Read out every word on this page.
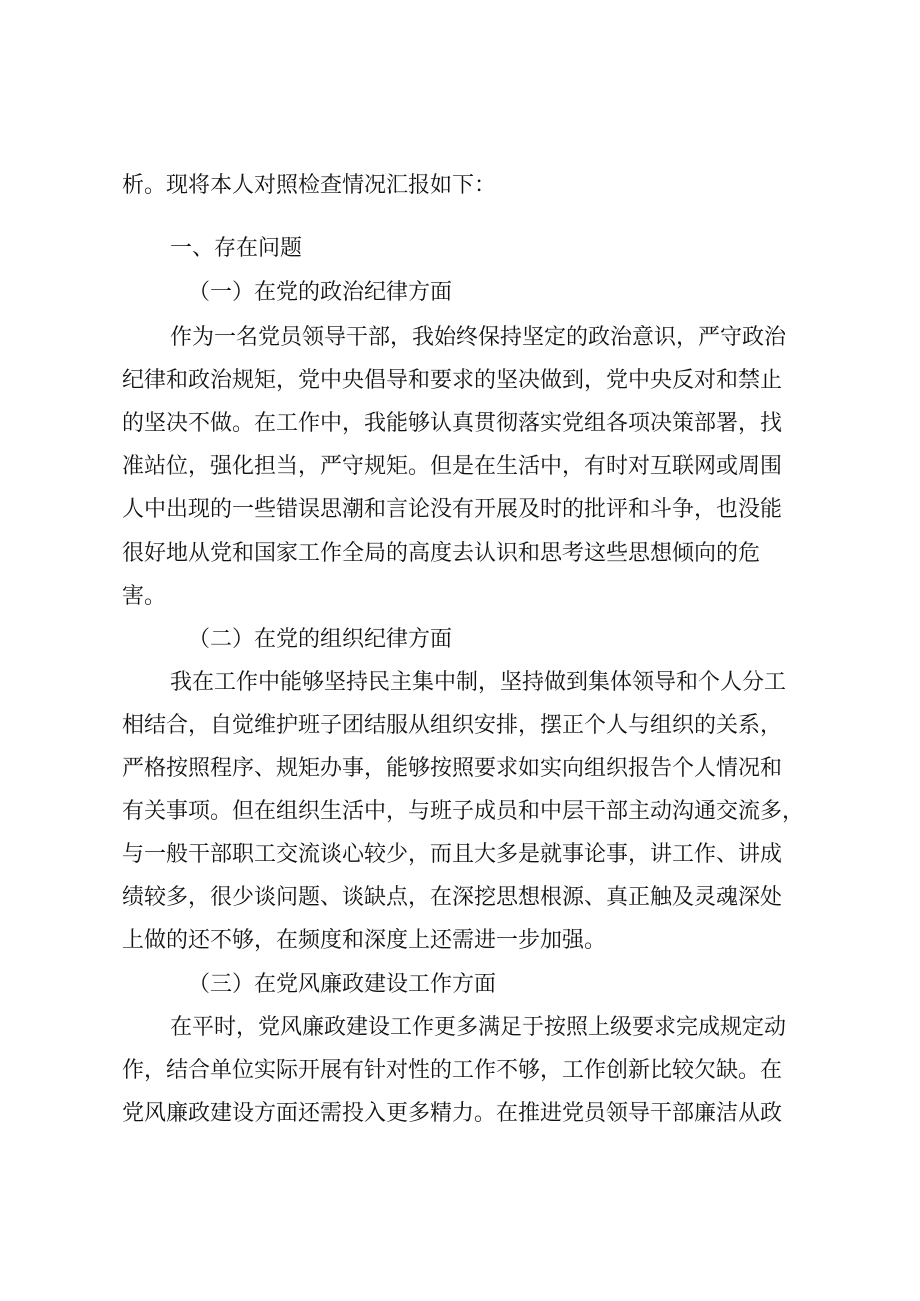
析。现将本人对照检查情况汇报如下：
一、存在问题
（一）在党的政治纪律方面
作为一名党员领导干部，我始终保持坚定的政治意识，严守政治
纪律和政治规矩，党中央倡导和要求的坚决做到，党中央反对和禁止
的坚决不做。在工作中，我能够认真贯彻落实党组各项决策部署，找
准站位，强化担当，严守规矩。但是在生活中，有时对互联网或周围
人中出现的一些错误思潮和言论没有开展及时的批评和斗争，也没能
很好地从党和国家工作全局的高度去认识和思考这些思想倾向的危
害。
（二）在党的组织纪律方面
我在工作中能够坚持民主集中制，坚持做到集体领导和个人分工
相结合，自觉维护班子团结服从组织安排，摆正个人与组织的关系，
严格按照程序、规矩办事，能够按照要求如实向组织报告个人情况和
有关事项。但在组织生活中，与班子成员和中层干部主动沟通交流多，
与一般干部职工交流谈心较少，而且大多是就事论事，讲工作、讲成
绩较多，很少谈问题、谈缺点，在深挖思想根源、真正触及灵魂深处
上做的还不够，在频度和深度上还需进一步加强。
（三）在党风廉政建设工作方面
在平时，党风廉政建设工作更多满足于按照上级要求完成规定动
作，结合单位实际开展有针对性的工作不够，工作创新比较欠缺。在
党风廉政建设方面还需投入更多精力。在推进党员领导干部廉洁从政
